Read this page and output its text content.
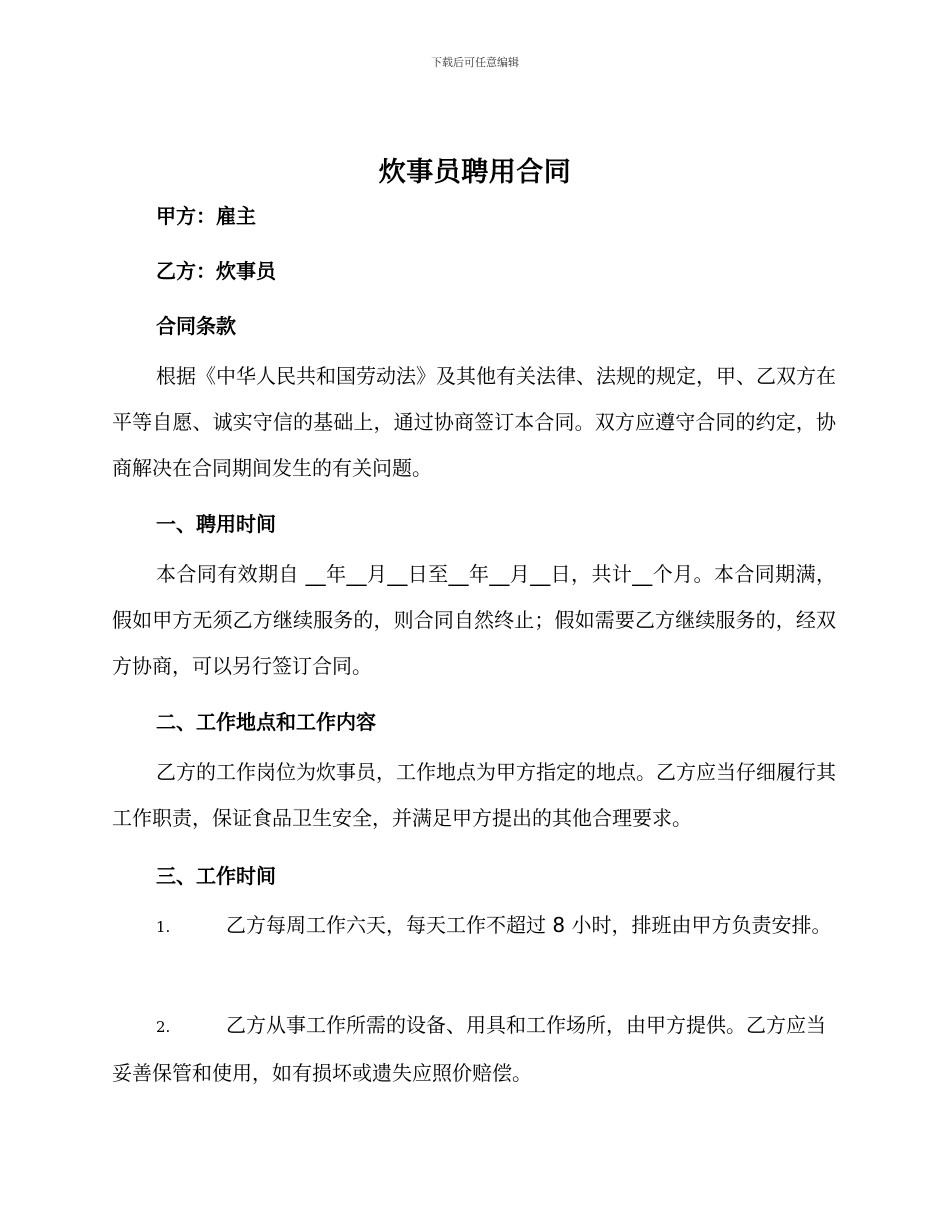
下载后可任意编辑
炊事员聘用合同
甲方：雇主
乙方：炊事员
合同条款
根据《中华人民共和国劳动法》及其他有关法律、法规的规定，甲、乙双方在平等自愿、诚实守信的基础上，通过协商签订本合同。双方应遵守合同的约定，协商解决在合同期间发生的有关问题。
一、聘用时间
本合同有效期自 __年__月__日至__年__月__日，共计__个月。本合同期满，假如甲方无须乙方继续服务的，则合同自然终止；假如需要乙方继续服务的，经双方协商，可以另行签订合同。
二、工作地点和工作内容
乙方的工作岗位为炊事员，工作地点为甲方指定的地点。乙方应当仔细履行其工作职责，保证食品卫生安全，并满足甲方提出的其他合理要求。
三、工作时间
1.	乙方每周工作六天，每天工作不超过 8 小时，排班由甲方负责安排。
2.	乙方从事工作所需的设备、用具和工作场所，由甲方提供。乙方应当妥善保管和使用，如有损坏或遗失应照价赔偿。
